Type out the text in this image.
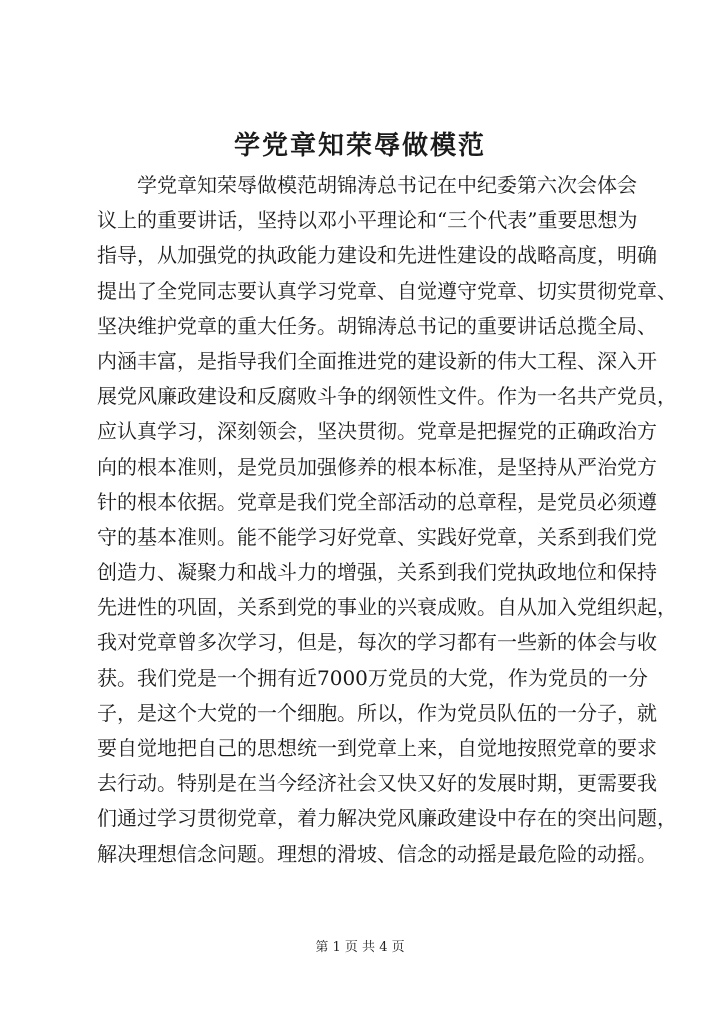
学党章知荣辱做模范
学党章知荣辱做模范胡锦涛总书记在中纪委第六次会体会
议上的重要讲话，坚持以邓小平理论和“三个代表”重要思想为
指导，从加强党的执政能力建设和先进性建设的战略高度，明确
提出了全党同志要认真学习党章、自觉遵守党章、切实贯彻党章、
坚决维护党章的重大任务。胡锦涛总书记的重要讲话总揽全局、
内涵丰富，是指导我们全面推进党的建设新的伟大工程、深入开
展党风廉政建设和反腐败斗争的纲领性文件。作为一名共产党员，
应认真学习，深刻领会，坚决贯彻。党章是把握党的正确政治方
向的根本准则，是党员加强修养的根本标准，是坚持从严治党方
针的根本依据。党章是我们党全部活动的总章程，是党员必须遵
守的基本准则。能不能学习好党章、实践好党章，关系到我们党
创造力、凝聚力和战斗力的增强，关系到我们党执政地位和保持
先进性的巩固，关系到党的事业的兴衰成败。自从加入党组织起，
我对党章曾多次学习，但是，每次的学习都有一些新的体会与收
获。我们党是一个拥有近7000万党员的大党，作为党员的一分
子，是这个大党的一个细胞。所以，作为党员队伍的一分子，就
要自觉地把自己的思想统一到党章上来，自觉地按照党章的要求
去行动。特别是在当今经济社会又快又好的发展时期，更需要我
们通过学习贯彻党章，着力解决党风廉政建设中存在的突出问题，
解决理想信念问题。理想的滑坡、信念的动摇是最危险的动摇。
第 1 页 共 4 页
